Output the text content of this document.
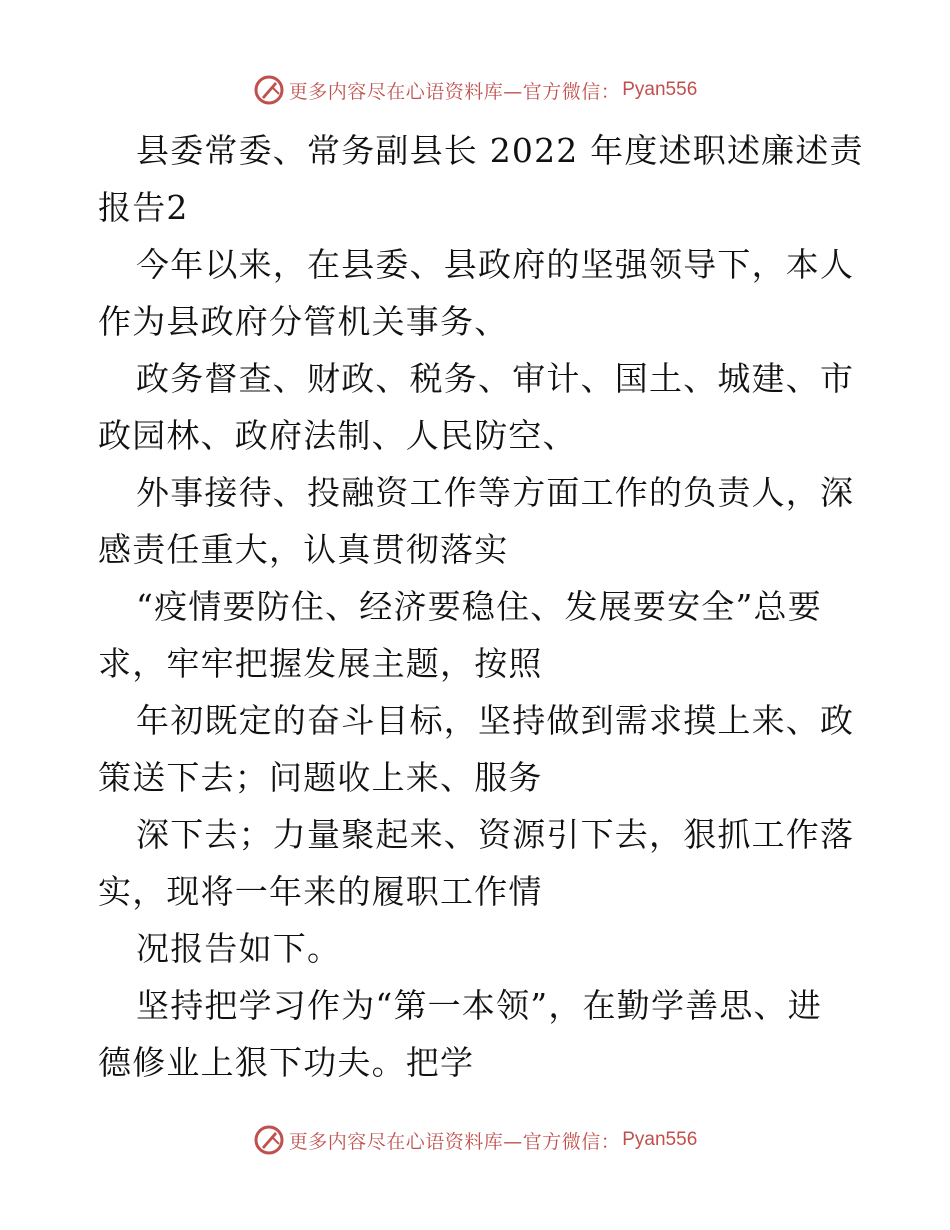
更多内容尽在心语资料库—官方微信： Pyan556
县委常委、常务副县长 2022 年度述职述廉述责
报告2
今年以来，在县委、县政府的坚强领导下，本人
作为县政府分管机关事务、
政务督查、财政、税务、审计、国土、城建、市
政园林、政府法制、人民防空、
外事接待、投融资工作等方面工作的负责人，深
感责任重大，认真贯彻落实
“疫情要防住、经济要稳住、发展要安全”总要
求，牢牢把握发展主题，按照
年初既定的奋斗目标，坚持做到需求摸上来、政
策送下去；问题收上来、服务
深下去；力量聚起来、资源引下去，狠抓工作落
实，现将一年来的履职工作情
况报告如下。
坚持把学习作为“第一本领”，在勤学善思、进
德修业上狠下功夫。把学
更多内容尽在心语资料库—官方微信： Pyan556
